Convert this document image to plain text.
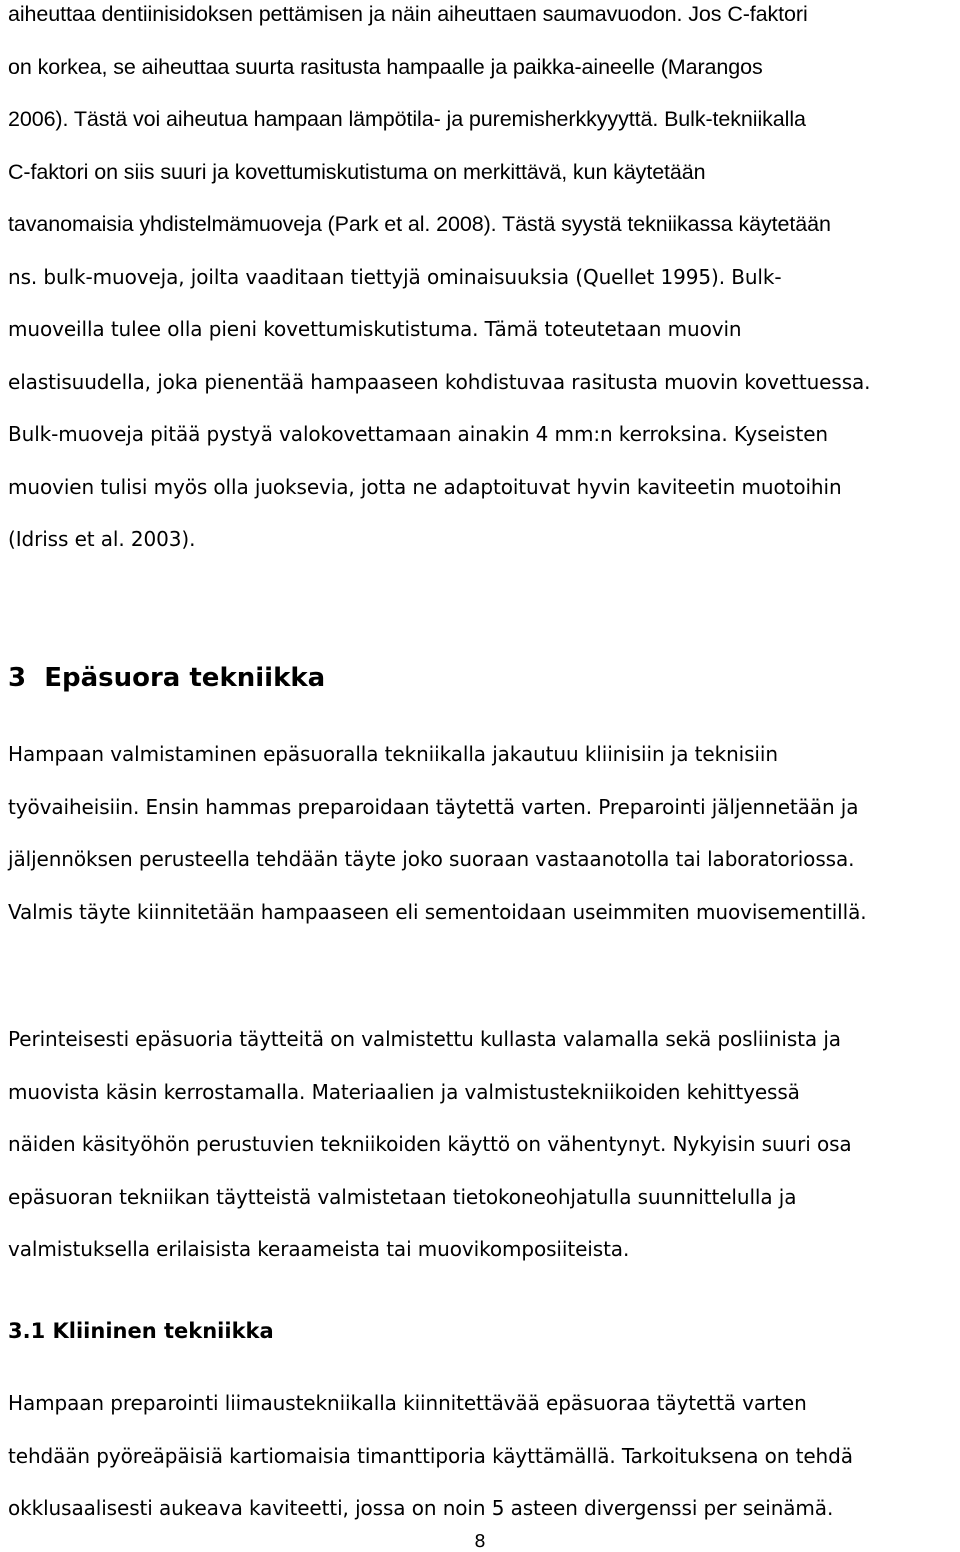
aiheuttaa dentiinisidoksen pettämisen ja näin aiheuttaen saumavuodon. Jos C-faktori
on korkea, se aiheuttaa suurta rasitusta hampaalle ja paikka-aineelle (Marangos
2006). Tästä voi aiheutua hampaan lämpötila- ja puremisherkkyyyttä. Bulk-tekniikalla
C-faktori on siis suuri ja kovettumiskutistuma on merkittävä, kun käytetään
tavanomaisia yhdistelmämuoveja (Park et al. 2008). Tästä syystä tekniikassa käytetään
ns. bulk-muoveja, joilta vaaditaan tiettyjä ominaisuuksia (Quellet 1995). Bulk-
muoveilla tulee olla pieni kovettumiskutistuma. Tämä toteutetaan muovin
elastisuudella, joka pienentää hampaaseen kohdistuvaa rasitusta muovin kovettuessa.
Bulk-muoveja pitää pystyä valokovettamaan ainakin 4 mm:n kerroksina. Kyseisten
muovien tulisi myös olla juoksevia, jotta ne adaptoituvat hyvin kaviteetin muotoihin
(Idriss et al. 2003).

3  Epäsuora tekniikka

Hampaan valmistaminen epäsuoralla tekniikalla jakautuu kliinisiin ja teknisiin
työvaiheisiin. Ensin hammas preparoidaan täytettä varten. Preparointi jäljennetään ja
jäljennöksen perusteella tehdään täyte joko suoraan vastaanotolla tai laboratoriossa.
Valmis täyte kiinnitetään hampaaseen eli sementoidaan useimmiten muovisementillä.

Perinteisesti epäsuoria täytteitä on valmistettu kullasta valamalla sekä posliinista ja
muovista käsin kerrostamalla. Materiaalien ja valmistustekniikoiden kehittyessä
näiden käsityöhön perustuvien tekniikoiden käyttö on vähentynyt. Nykyisin suuri osa
epäsuoran tekniikan täytteistä valmistetaan tietokoneohjatulla suunnittelulla ja
valmistuksella erilaisista keraameista tai muovikomposiiteista.

3.1 Kliininen tekniikka

Hampaan preparointi liimaustekniikalla kiinnitettävää epäsuoraa täytettä varten
tehdään pyöreäpäisiä kartiomaisia timanttiporia käyttämällä. Tarkoituksena on tehdä
okklusaalisesti aukeava kaviteetti, jossa on noin 5 asteen divergenssi per seinämä.

8
